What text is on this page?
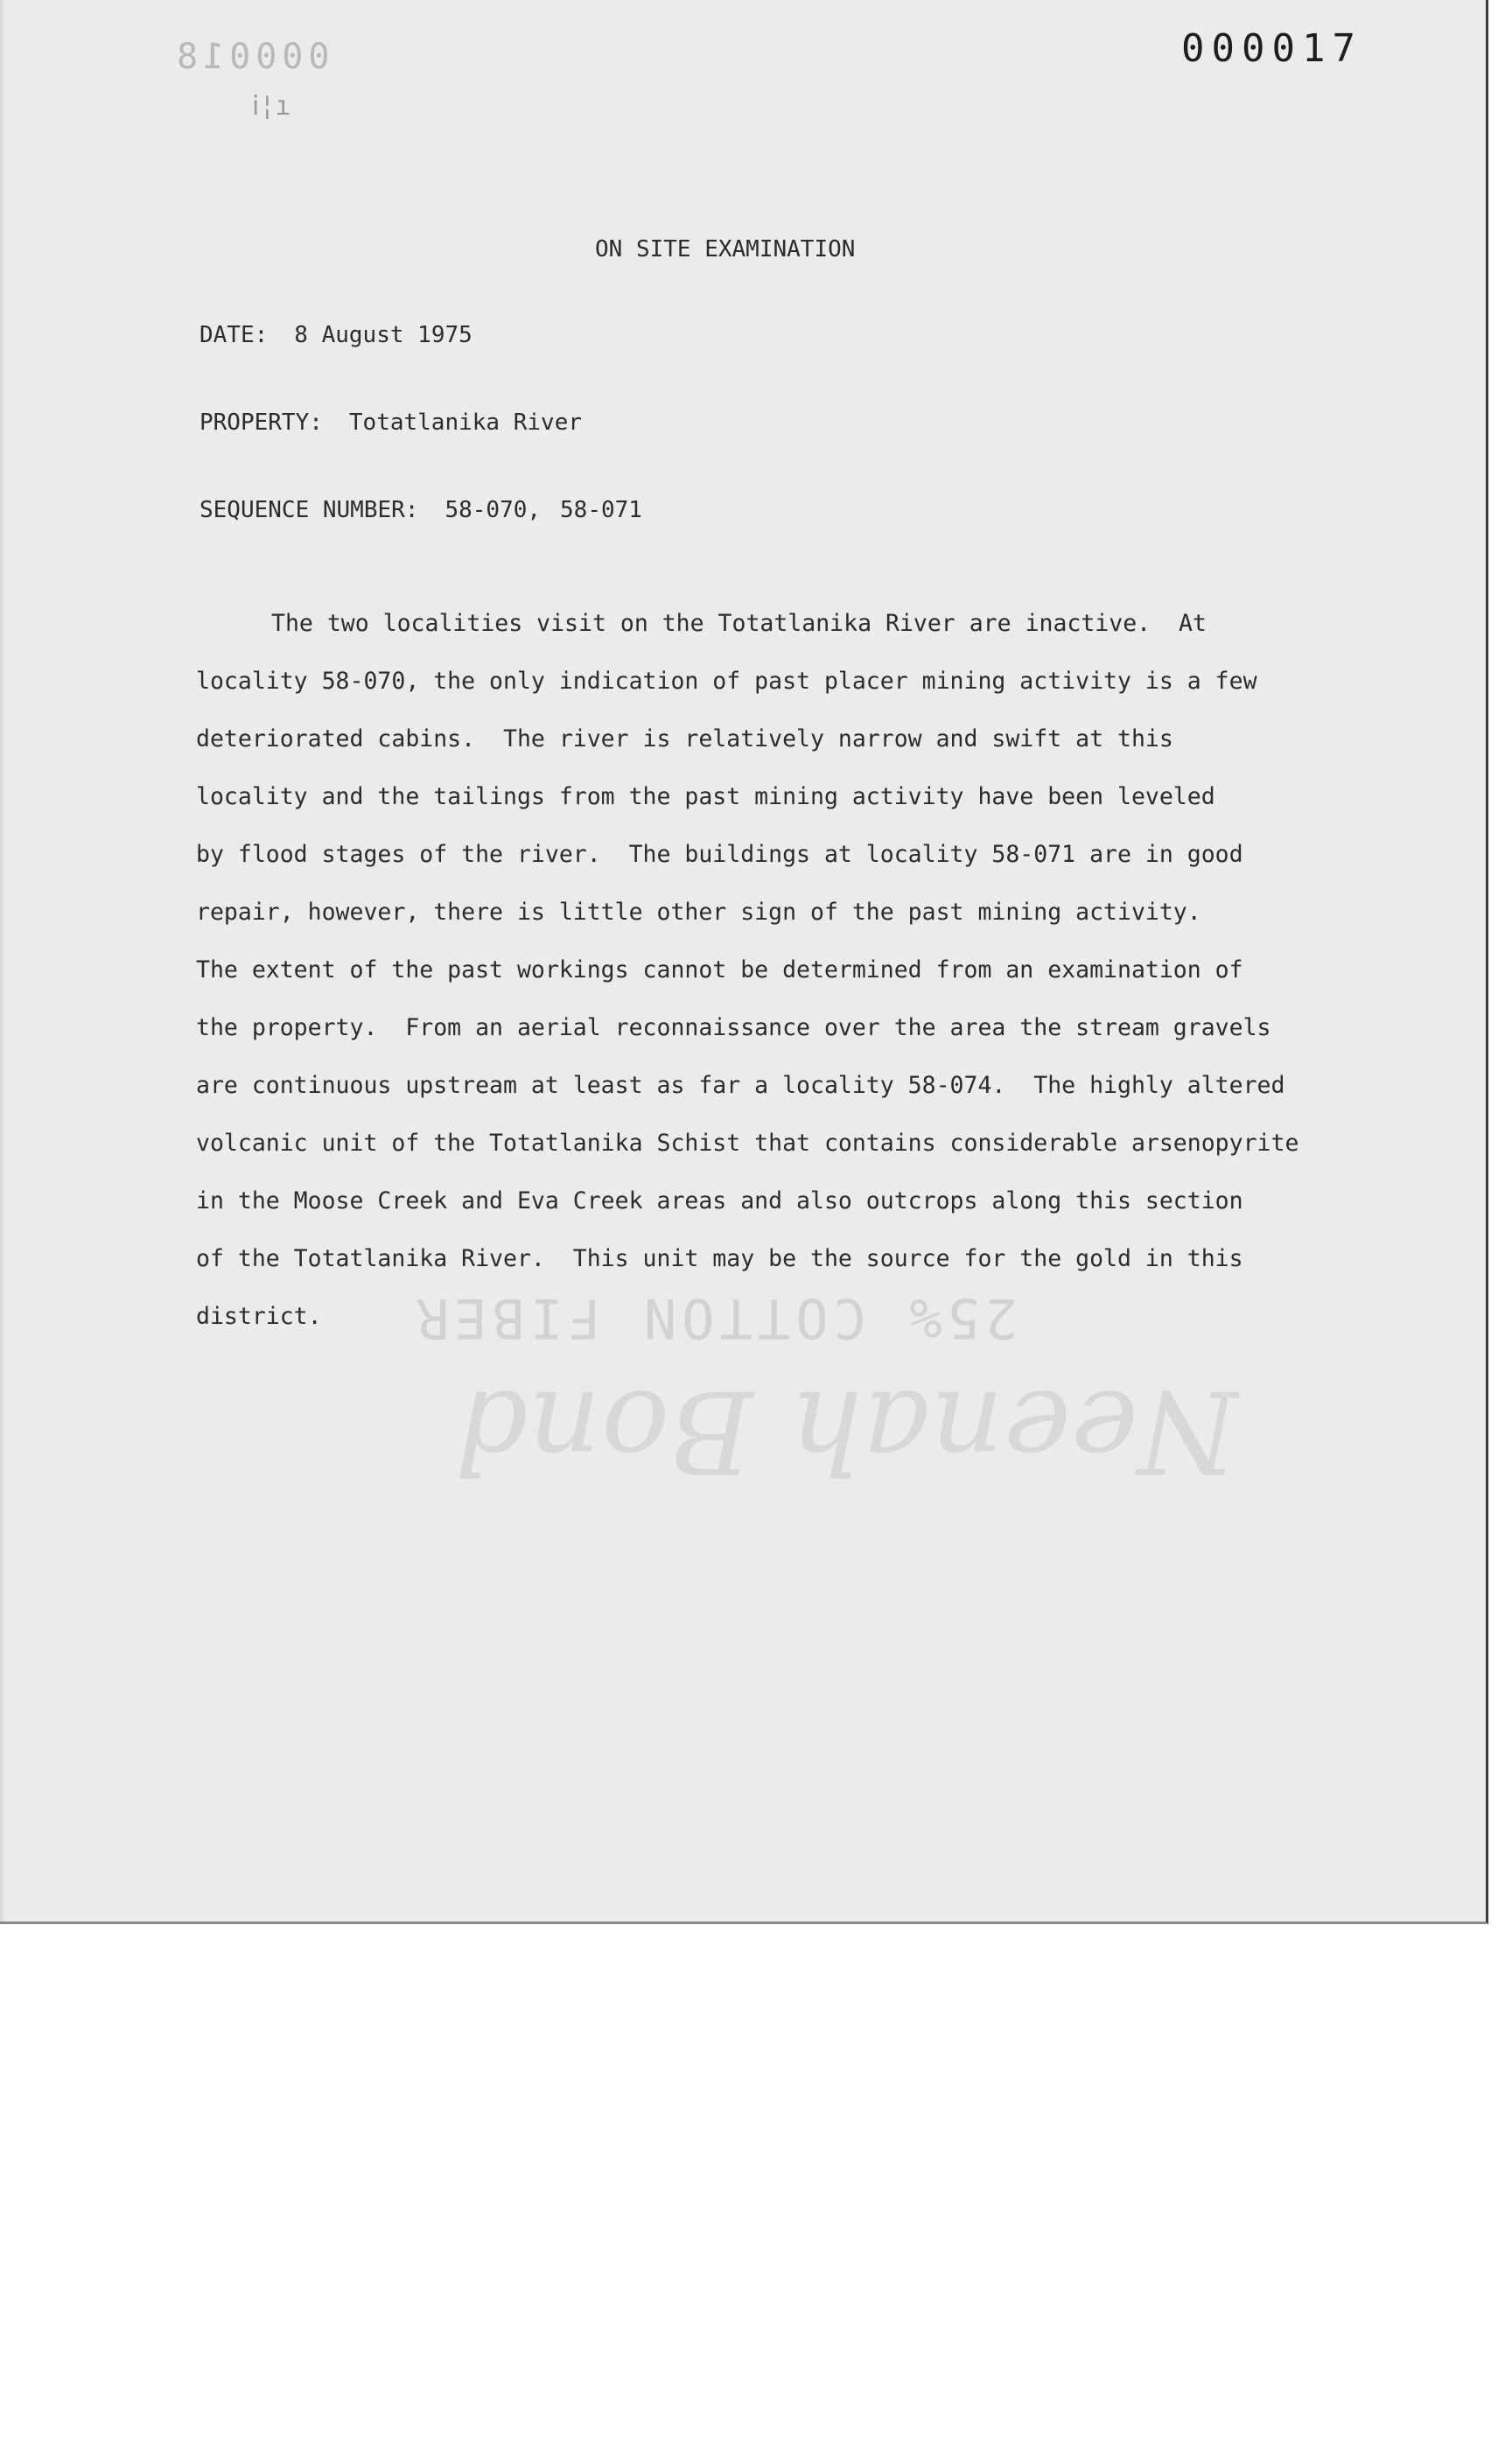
000018
ⅰ¦ı
000017
25% COTTON FIBER
Neenah Bond
ON SITE EXAMINATION
DATE: 8 August 1975
PROPERTY: Totatlanika River
SEQUENCE NUMBER: 58-070, 58-071
The two localities visit on the Totatlanika River are inactive.  At
locality 58-070, the only indication of past placer mining activity is a few
deteriorated cabins.  The river is relatively narrow and swift at this
locality and the tailings from the past mining activity have been leveled
by flood stages of the river.  The buildings at locality 58-071 are in good
repair, however, there is little other sign of the past mining activity.
The extent of the past workings cannot be determined from an examination of
the property.  From an aerial reconnaissance over the area the stream gravels
are continuous upstream at least as far a locality 58-074.  The highly altered
volcanic unit of the Totatlanika Schist that contains considerable arsenopyrite
in the Moose Creek and Eva Creek areas and also outcrops along this section
of the Totatlanika River.  This unit may be the source for the gold in this
district.
